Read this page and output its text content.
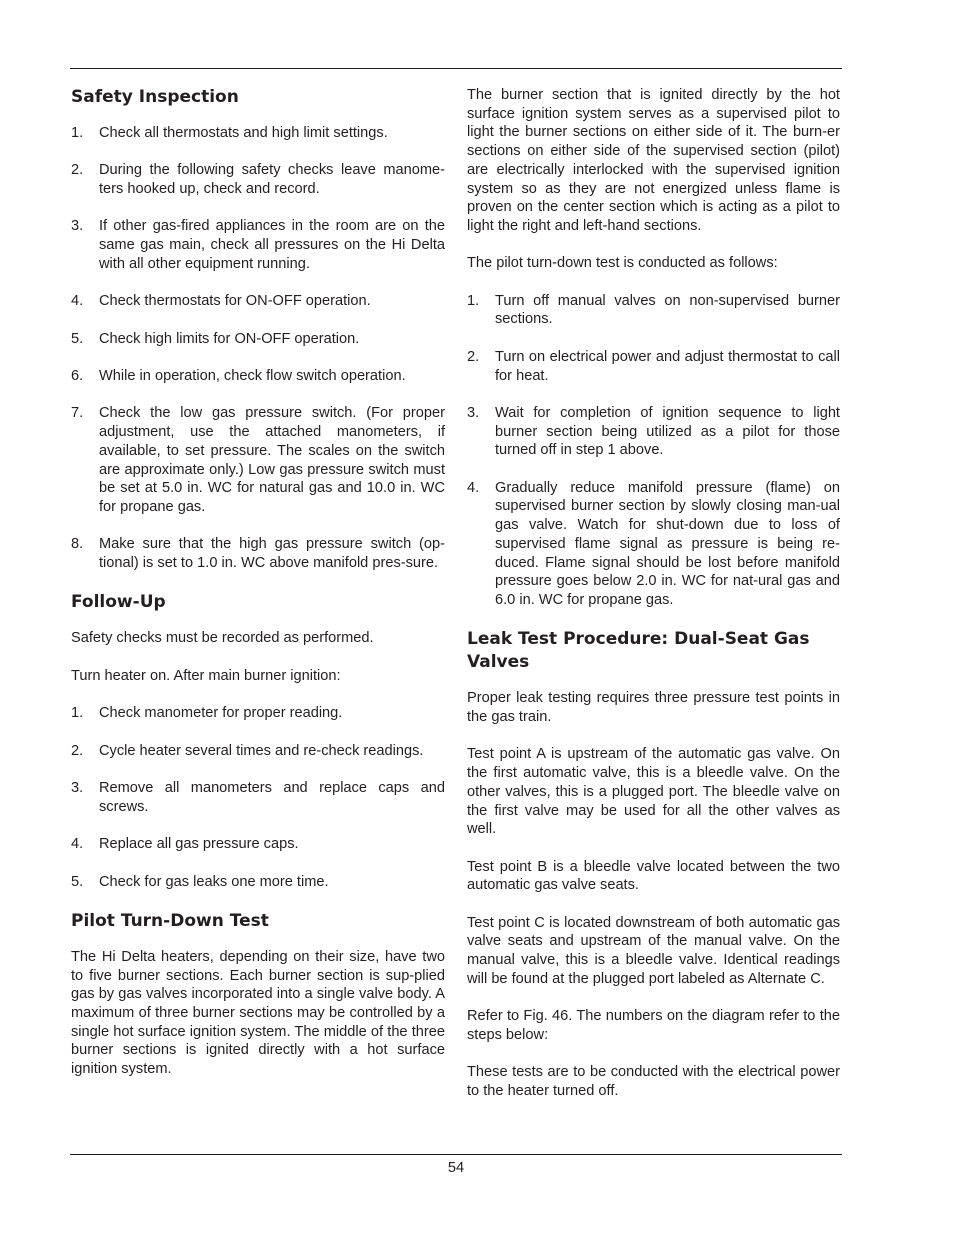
Safety Inspection
1. Check all thermostats and high limit settings.
2. During the following safety checks leave manome-ters hooked up, check and record.
3. If other gas-fired appliances in the room are on the same gas main, check all pressures on the Hi Delta with all other equipment running.
4. Check thermostats for ON-OFF operation.
5. Check high limits for ON-OFF operation.
6. While in operation, check flow switch operation.
7. Check the low gas pressure switch. (For proper adjustment, use the attached manometers, if available, to set pressure. The scales on the switch are approximate only.) Low gas pressure switch must be set at 5.0 in. WC for natural gas and 10.0 in. WC for propane gas.
8. Make sure that the high gas pressure switch (op-tional) is set to 1.0 in. WC above manifold pres-sure.
Follow-Up

Safety checks must be recorded as performed.

Turn heater on. After main burner ignition:

1. Check manometer for proper reading.
2. Cycle heater several times and re-check readings.
3. Remove all manometers and replace caps and screws.
4. Replace all gas pressure caps.
5. Check for gas leaks one more time.
Pilot Turn-Down Test

The Hi Delta heaters, depending on their size, have two to five burner sections. Each burner section is sup-plied gas by gas valves incorporated into a single valve body. A maximum of three burner sections may be controlled by a single hot surface ignition system. The middle of the three burner sections is ignited directly with a hot surface ignition system.

The burner section that is ignited directly by the hot surface ignition system serves as a supervised pilot to light the burner sections on either side of it. The burn-er sections on either side of the supervised section (pilot) are electrically interlocked with the supervised ignition system so as they are not energized unless flame is proven on the center section which is acting as a pilot to light the right and left-hand sections.

The pilot turn-down test is conducted as follows:

1. Turn off manual valves on non-supervised burner sections.
2. Turn on electrical power and adjust thermostat to call for heat.
3. Wait for completion of ignition sequence to light burner section being utilized as a pilot for those turned off in step 1 above.
4. Gradually reduce manifold pressure (flame) on supervised burner section by slowly closing man-ual gas valve. Watch for shut-down due to loss of supervised flame signal as pressure is being re-duced. Flame signal should be lost before manifold pressure goes below 2.0 in. WC for nat-ural gas and 6.0 in. WC for propane gas.
Leak Test Procedure: Dual-Seat Gas Valves

Proper leak testing requires three pressure test points in the gas train.

Test point A is upstream of the automatic gas valve. On the first automatic valve, this is a bleedle valve. On the other valves, this is a plugged port. The bleedle valve on the first valve may be used for all the other valves as well.

Test point B is a bleedle valve located between the two automatic gas valve seats.

Test point C is located downstream of both automatic gas valve seats and upstream of the manual valve. On the manual valve, this is a bleedle valve. Identical readings will be found at the plugged port labeled as Alternate C.

Refer to Fig. 46. The numbers on the diagram refer to the steps below:

These tests are to be conducted with the electrical power to the heater turned off.

54
